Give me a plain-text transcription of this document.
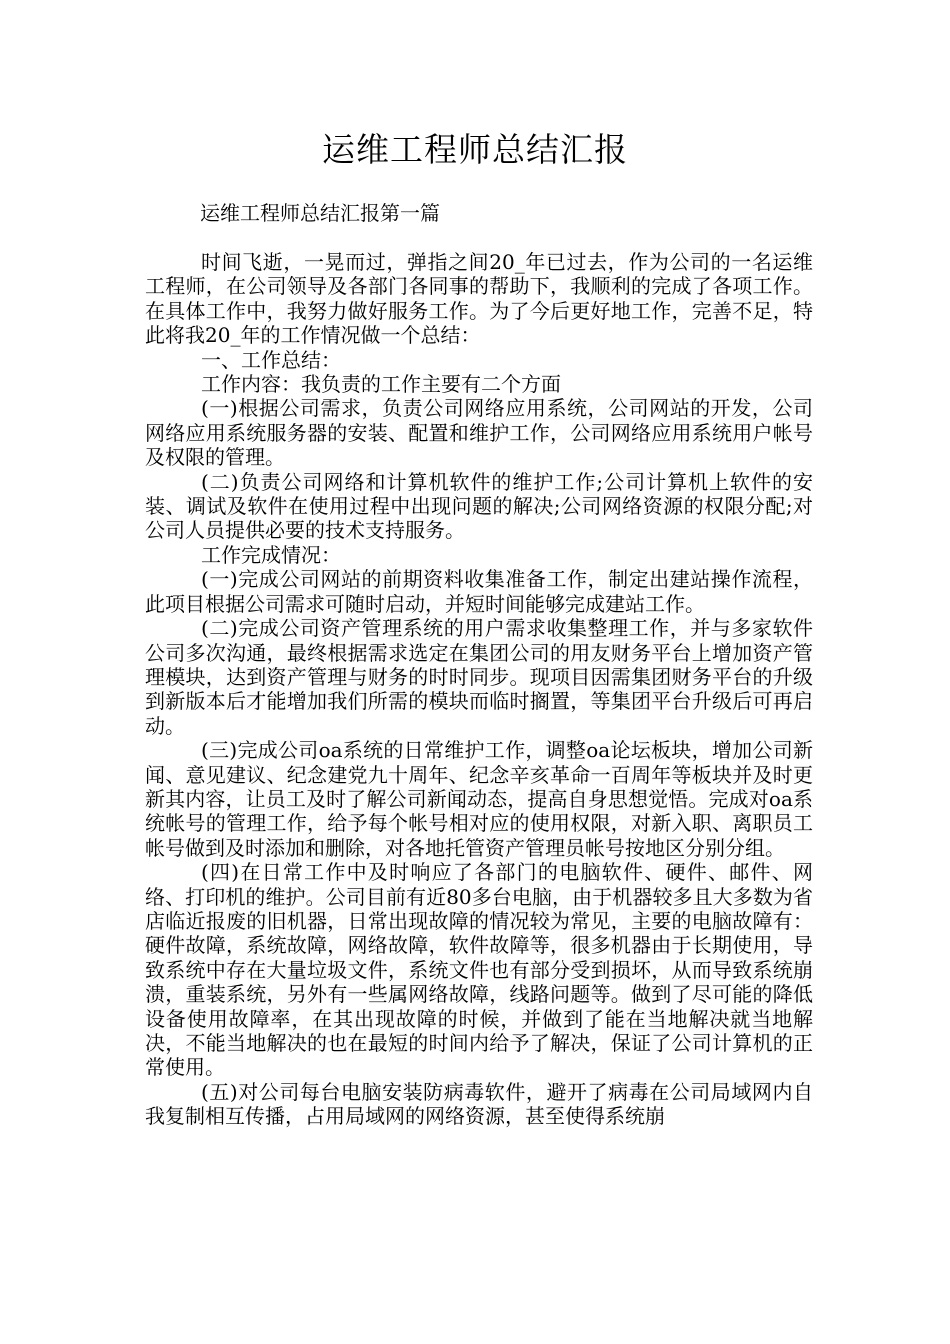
运维工程师总结汇报

运维工程师总结汇报第一篇

时间飞逝，一晃而过，弹指之间20_年已过去，作为公司的一名运维工程师，在公司领导及各部门各同事的帮助下，我顺利的完成了各项工作。在具体工作中，我努力做好服务工作。为了今后更好地工作，完善不足，特此将我20_年的工作情况做一个总结：

一、工作总结：

工作内容：我负责的工作主要有二个方面

(一)根据公司需求，负责公司网络应用系统，公司网站的开发，公司网络应用系统服务器的安装、配置和维护工作，公司网络应用系统用户帐号及权限的管理。

(二)负责公司网络和计算机软件的维护工作;公司计算机上软件的安装、调试及软件在使用过程中出现问题的解决;公司网络资源的权限分配;对公司人员提供必要的技术支持服务。

工作完成情况：

(一)完成公司网站的前期资料收集准备工作，制定出建站操作流程，此项目根据公司需求可随时启动，并短时间能够完成建站工作。

(二)完成公司资产管理系统的用户需求收集整理工作，并与多家软件公司多次沟通，最终根据需求选定在集团公司的用友财务平台上增加资产管理模块，达到资产管理与财务的时时同步。现项目因需集团财务平台的升级到新版本后才能增加我们所需的模块而临时搁置，等集团平台升级后可再启动。

(三)完成公司oa系统的日常维护工作，调整oa论坛板块，增加公司新闻、意见建议、纪念建党九十周年、纪念辛亥革命一百周年等板块并及时更新其内容，让员工及时了解公司新闻动态，提高自身思想觉悟。完成对oa系统帐号的管理工作，给予每个帐号相对应的使用权限，对新入职、离职员工帐号做到及时添加和删除，对各地托管资产管理员帐号按地区分别分组。

(四)在日常工作中及时响应了各部门的电脑软件、硬件、邮件、网络、打印机的维护。公司目前有近80多台电脑，由于机器较多且大多数为省店临近报废的旧机器，日常出现故障的情况较为常见，主要的电脑故障有：硬件故障，系统故障，网络故障，软件故障等，很多机器由于长期使用，导致系统中存在大量垃圾文件，系统文件也有部分受到损坏，从而导致系统崩溃，重装系统，另外有一些属网络故障，线路问题等。做到了尽可能的降低设备使用故障率，在其出现故障的时候，并做到了能在当地解决就当地解决，不能当地解决的也在最短的时间内给予了解决，保证了公司计算机的正常使用。

(五)对公司每台电脑安装防病毒软件，避开了病毒在公司局域网内自我复制相互传播，占用局域网的网络资源，甚至使得系统崩
